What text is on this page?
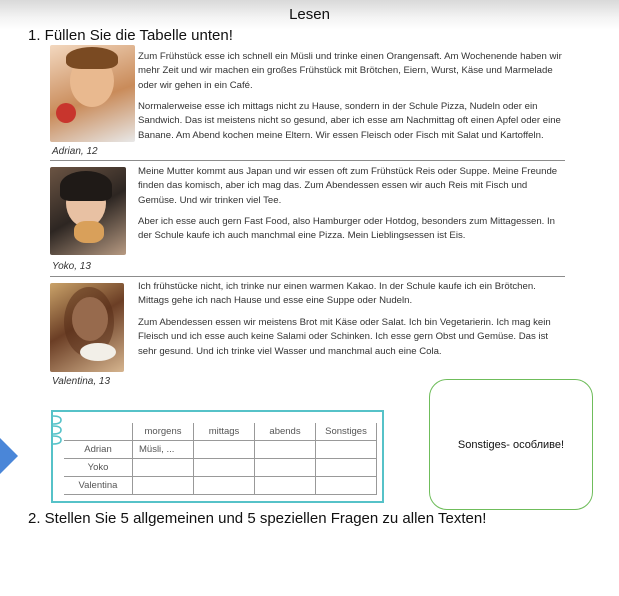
Lesen
1. Füllen Sie die Tabelle unten!
Adrian, 12

Zum Frühstück esse ich schnell ein Müsli und trinke einen Orangensaft. Am Wochenende haben wir mehr Zeit und wir machen ein großes Frühstück mit Brötchen, Eiern, Wurst, Käse und Marmelade oder wir gehen in ein Café.

Normalerweise esse ich mittags nicht zu Hause, sondern in der Schule Pizza, Nudeln oder ein Sandwich. Das ist meistens nicht so gesund, aber ich esse am Nachmittag oft einen Apfel oder eine Banane. Am Abend kochen meine Eltern. Wir essen Fleisch oder Fisch mit Salat und Kartoffeln.

Yoko, 13

Meine Mutter kommt aus Japan und wir essen oft zum Frühstück Reis oder Suppe. Meine Freunde finden das komisch, aber ich mag das. Zum Abendessen essen wir auch Reis mit Fisch und Gemüse. Und wir trinken viel Tee.

Aber ich esse auch gern Fast Food, also Hamburger oder Hotdog, besonders zum Mittagessen. In der Schule kaufe ich auch manchmal eine Pizza. Mein Lieblingsessen ist Eis.

Valentina, 13

Ich frühstücke nicht, ich trinke nur einen warmen Kakao. In der Schule kaufe ich ein Brötchen. Mittags gehe ich nach Hause und esse eine Suppe oder Nudeln.

Zum Abendessen essen wir meistens Brot mit Käse oder Salat. Ich bin Vegetarierin. Ich mag kein Fleisch und ich esse auch keine Salami oder Schinken. Ich esse gern Obst und Gemüse. Das ist sehr gesund. Und ich trinke viel Wasser und manchmal auch eine Cola.

	morgens	mittags	abends	Sonstiges
Adrian	Müsli, ...			
Yoko				
Valentina				
Sonstiges- особливе!
2. Stellen Sie 5 allgemeinen und 5 speziellen Fragen zu allen Texten!
